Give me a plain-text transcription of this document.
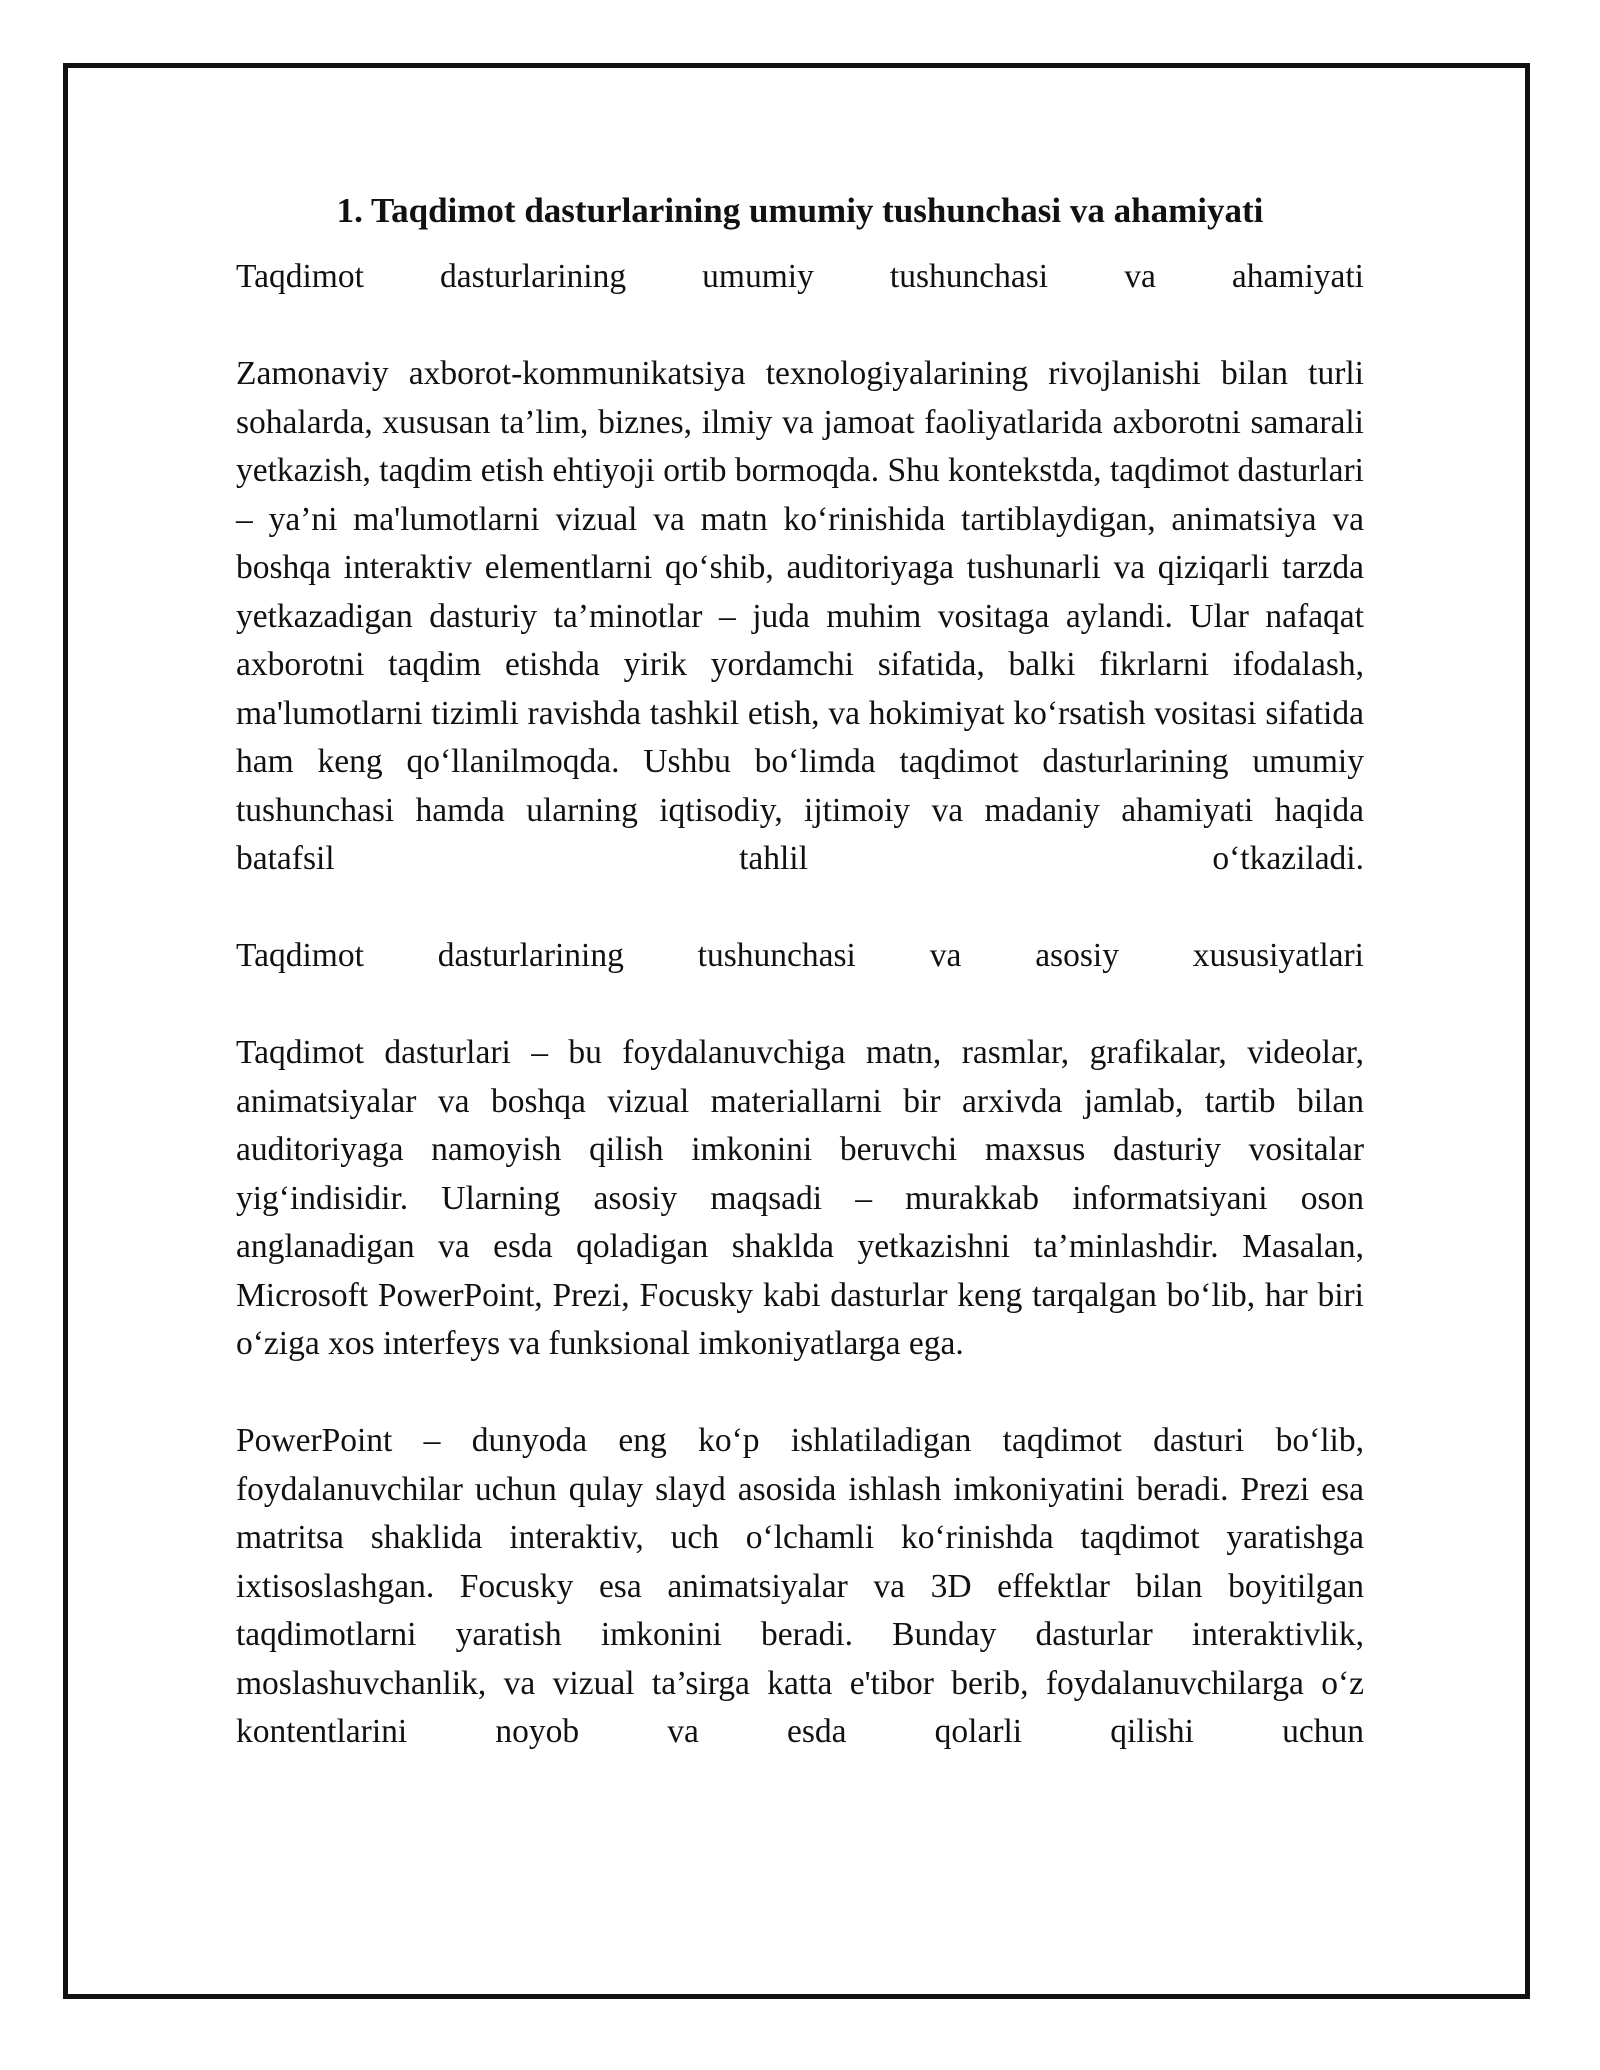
1. Taqdimot dasturlarining umumiy tushunchasi va ahamiyati

Taqdimot dasturlarining umumiy tushunchasi va ahamiyati

Zamonaviy axborot-kommunikatsiya texnologiyalarining rivojlanishi bilan turli sohalarda, xususan ta’lim, biznes, ilmiy va jamoat faoliyatlarida axborotni samarali yetkazish, taqdim etish ehtiyoji ortib bormoqda. Shu kontekstda, taqdimot dasturlari – ya’ni ma'lumotlarni vizual va matn ko‘rinishida tartiblaydigan, animatsiya va boshqa interaktiv elementlarni qo‘shib, auditoriyaga tushunarli va qiziqarli tarzda yetkazadigan dasturiy ta’minotlar – juda muhim vositaga aylandi. Ular nafaqat axborotni taqdim etishda yirik yordamchi sifatida, balki fikrlarni ifodalash, ma'lumotlarni tizimli ravishda tashkil etish, va hokimiyat ko‘rsatish vositasi sifatida ham keng qo‘llanilmoqda. Ushbu bo‘limda taqdimot dasturlarining umumiy tushunchasi hamda ularning iqtisodiy, ijtimoiy va madaniy ahamiyati haqida batafsil tahlil o‘tkaziladi.

Taqdimot dasturlarining tushunchasi va asosiy xususiyatlari

Taqdimot dasturlari – bu foydalanuvchiga matn, rasmlar, grafikalar, videolar, animatsiyalar va boshqa vizual materiallarni bir arxivda jamlab, tartib bilan auditoriyaga namoyish qilish imkonini beruvchi maxsus dasturiy vositalar yig‘indisidir. Ularning asosiy maqsadi – murakkab informatsiyani oson anglanadigan va esda qoladigan shaklda yetkazishni ta’minlashdir. Masalan, Microsoft PowerPoint, Prezi, Focusky kabi dasturlar keng tarqalgan bo‘lib, har biri o‘ziga xos interfeys va funksional imkoniyatlarga ega.

PowerPoint – dunyoda eng ko‘p ishlatiladigan taqdimot dasturi bo‘lib, foydalanuvchilar uchun qulay slayd asosida ishlash imkoniyatini beradi. Prezi esa matritsa shaklida interaktiv, uch o‘lchamli ko‘rinishda taqdimot yaratishga ixtisoslashgan. Focusky esa animatsiyalar va 3D effektlar bilan boyitilgan taqdimotlarni yaratish imkonini beradi. Bunday dasturlar interaktivlik, moslashuvchanlik, va vizual ta’sirga katta e'tibor berib, foydalanuvchilarga o‘z kontentlarini noyob va esda qolarli qilishi uchun
